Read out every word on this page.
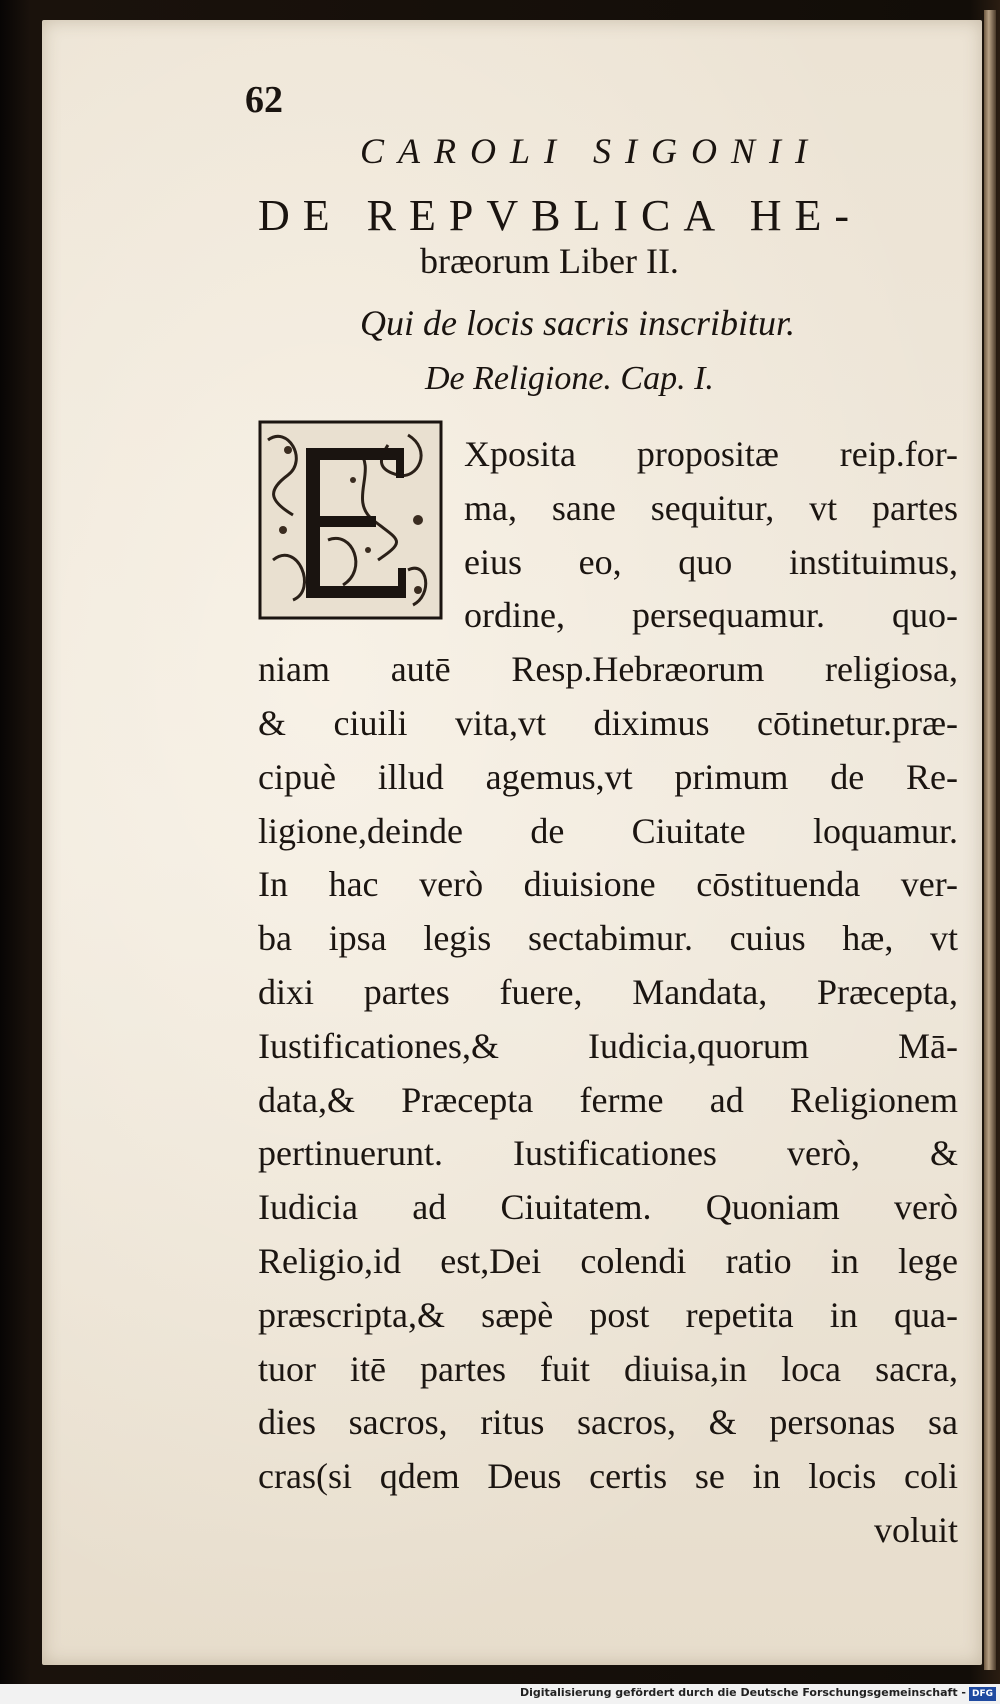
62
CAROLI SIGONII
DE REPVBLICA HE-
bræorum Liber II.
Qui de locis sacris inscribitur.
De Religione. Cap. I.
Xposita propositæ reip.for-
ma, sane sequitur, vt partes
eius eo, quo instituimus,
ordine, persequamur. quo-
niam autē Resp.Hebræorum religiosa,
& ciuili vita,vt diximus cōtinetur.præ-
cipuè illud agemus,vt primum de Re-
ligione,deinde de Ciuitate loquamur.
In hac verò diuisione cōstituenda ver-
ba ipsa legis sectabimur. cuius hæ, vt
dixi partes fuere, Mandata, Præcepta,
Iustificationes,& Iudicia,quorum Mā-
data,& Præcepta ferme ad Religionem
pertinuerunt. Iustificationes verò, &
Iudicia ad Ciuitatem. Quoniam verò
Religio,id est,Dei colendi ratio in lege
præscripta,& sæpè post repetita in qua-
tuor itē partes fuit diuisa,in loca sacra,
dies sacros, ritus sacros, & personas sa
cras(si qdem Deus certis se in locis coli
voluit
Digitalisierung gefördert durch die Deutsche Forschungsgemeinschaft - DFG
